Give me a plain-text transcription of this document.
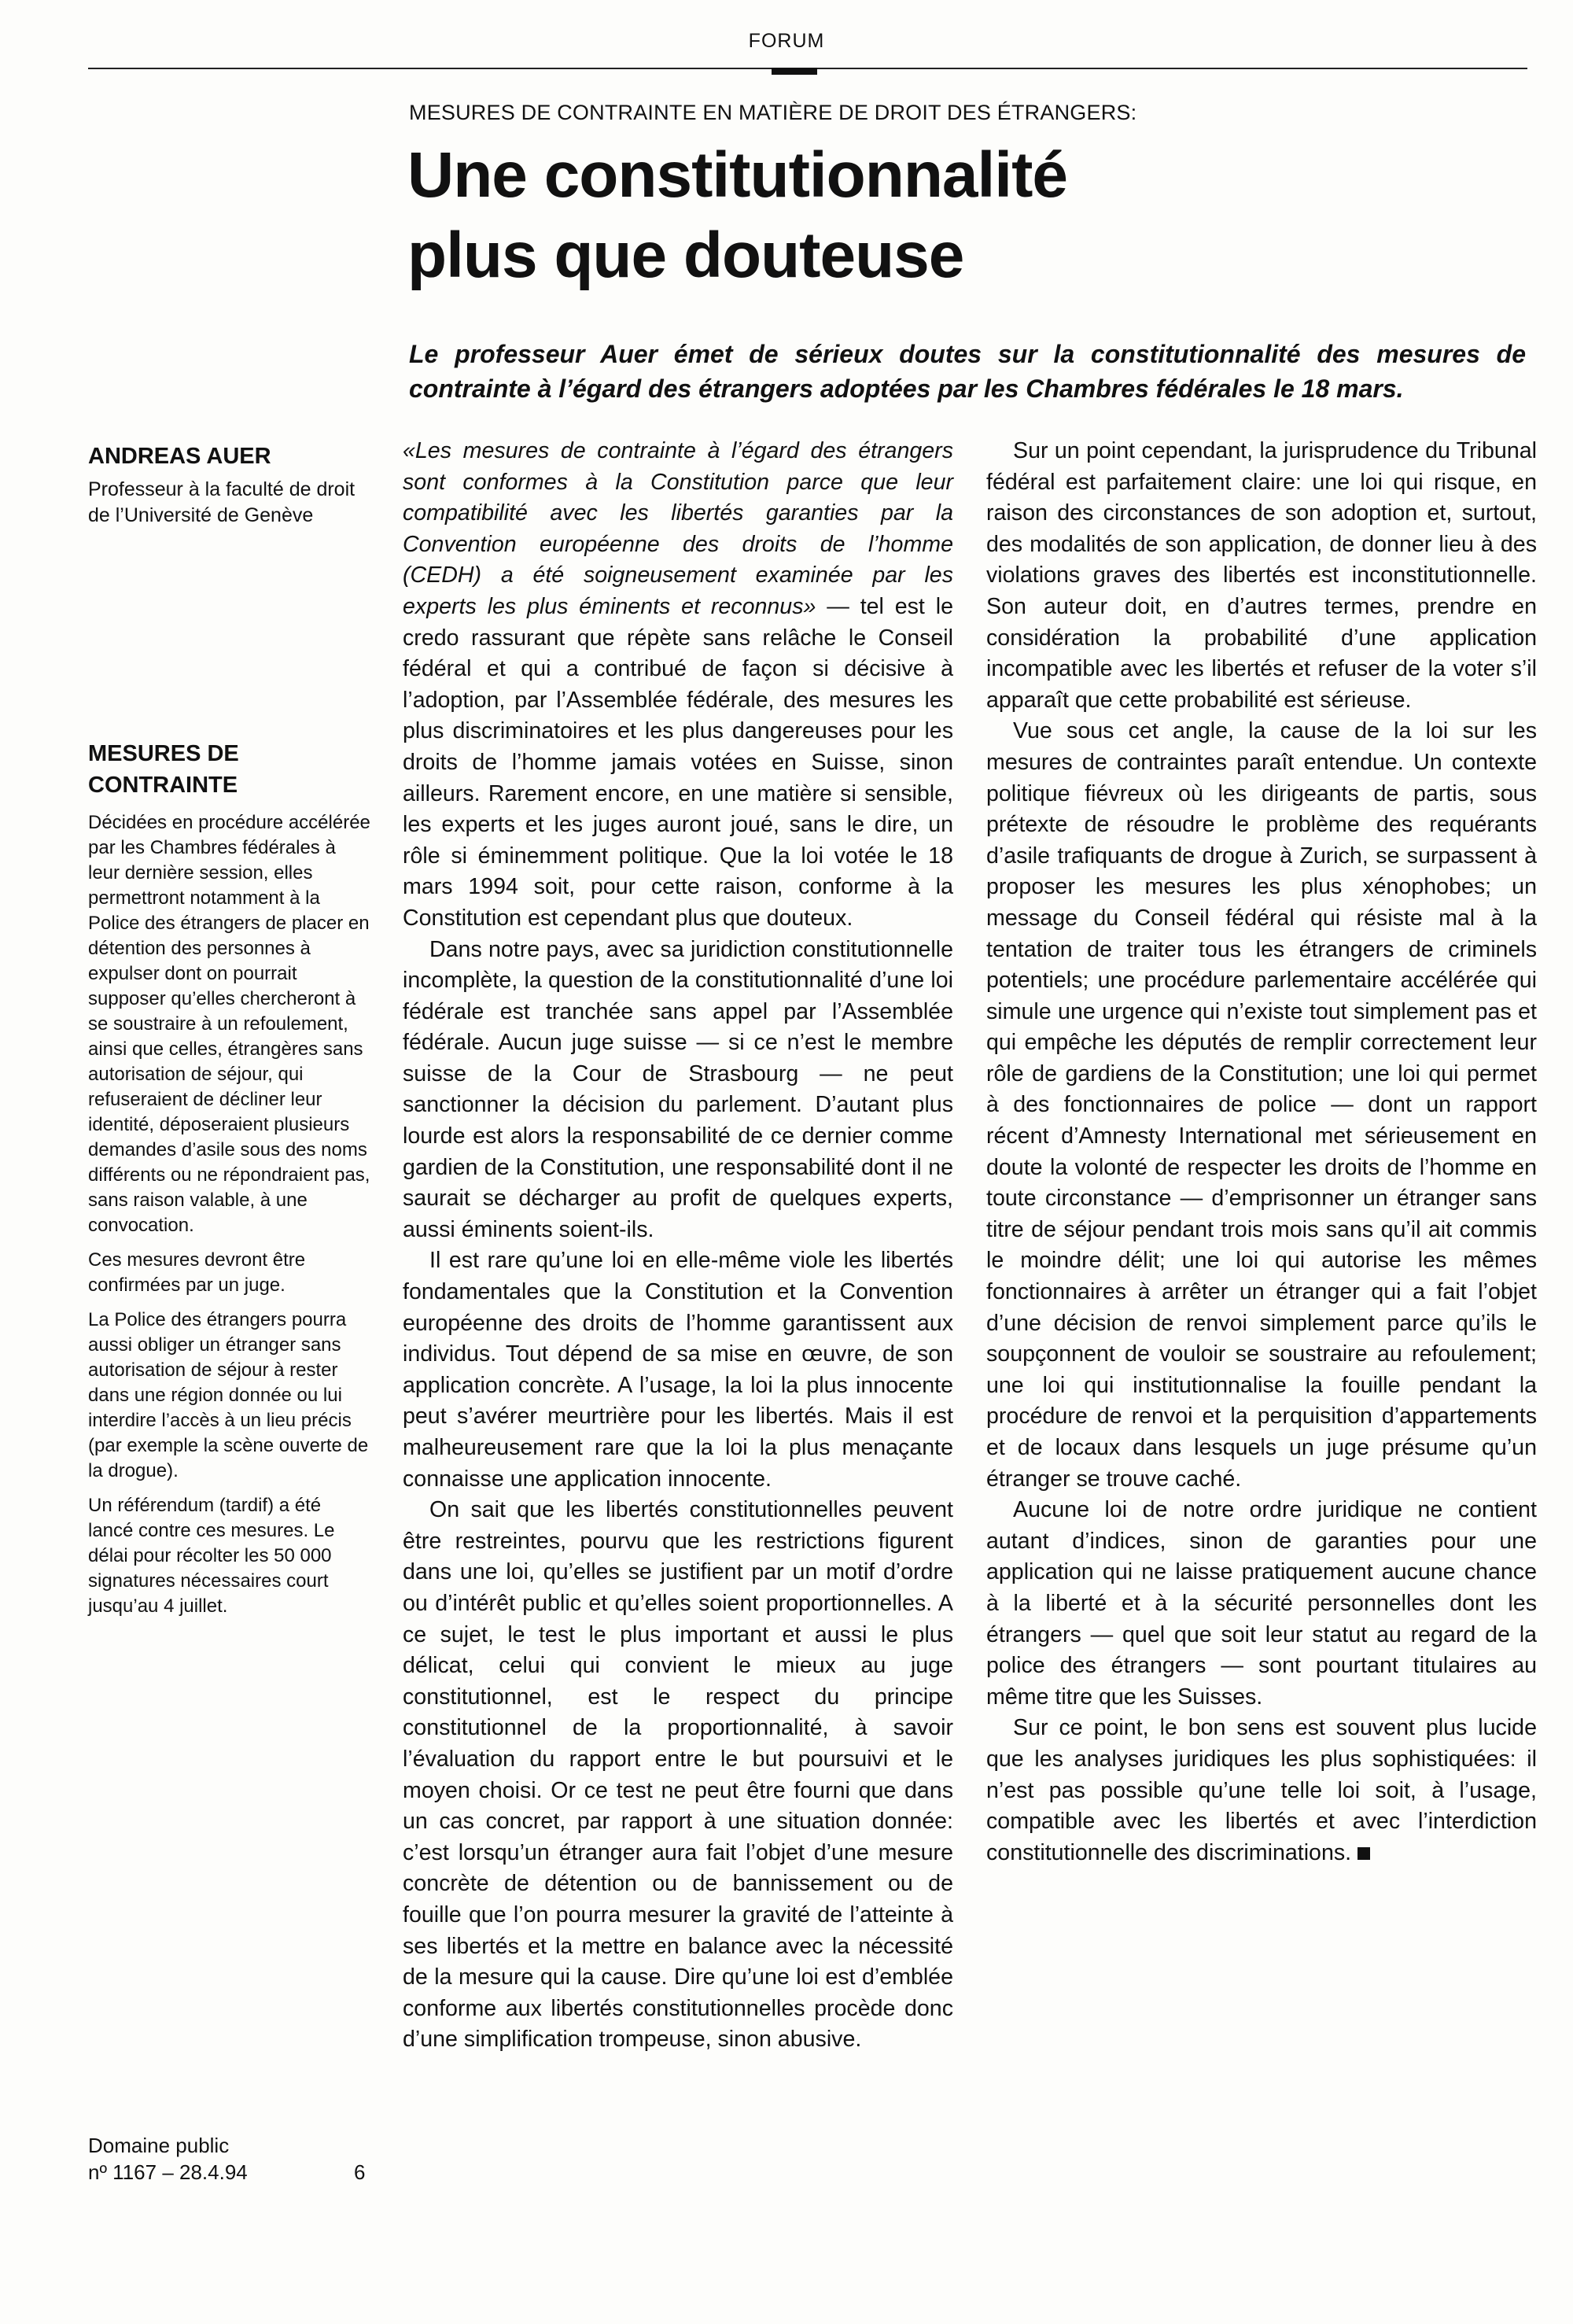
FORUM
MESURES DE CONTRAINTE EN MATIÈRE DE DROIT DES ÉTRANGERS:
Une constitutionnalité
plus que douteuse

Le professeur Auer émet de sérieux doutes sur la constitutionnalité des mesures de contrainte à l’égard des étrangers adoptées par les Chambres fédérales le 18 mars.

ANDREAS AUER

Professeur à la faculté de droit de l’Université de Genève

MESURES DE CONTRAINTE

Décidées en procédure accélérée par les Chambres fédérales à leur dernière session, elles permettront notamment à la Police des étrangers de placer en détention des personnes à expulser dont on pourrait supposer qu’elles chercheront à se soustraire à un refoulement, ainsi que celles, étrangères sans autorisation de séjour, qui refuseraient de décliner leur identité, déposeraient plusieurs demandes d’asile sous des noms différents ou ne répondraient pas, sans raison valable, à une convocation.

Ces mesures devront être confirmées par un juge.

La Police des étrangers pourra aussi obliger un étranger sans autorisation de séjour à rester dans une région donnée ou lui interdire l’accès à un lieu précis (par exemple la scène ouverte de la drogue).

Un référendum (tardif) a été lancé contre ces mesures. Le délai pour récolter les 50 000 signatures nécessaires court jusqu’au 4 juillet.

Domaine public
nº 1167 – 28.4.94	6

«Les mesures de contrainte à l’égard des étrangers sont conformes à la Constitution parce que leur compatibilité avec les libertés garanties par la Convention européenne des droits de l’homme (CEDH) a été soigneusement examinée par les experts les plus éminents et reconnus» — tel est le credo rassurant que répète sans relâche le Conseil fédéral et qui a contribué de façon si décisive à l’adoption, par l’Assemblée fédérale, des mesures les plus discriminatoires et les plus dangereuses pour les droits de l’homme jamais votées en Suisse, sinon ailleurs. Rarement encore, en une matière si sensible, les experts et les juges auront joué, sans le dire, un rôle si éminemment politique. Que la loi votée le 18 mars 1994 soit, pour cette raison, conforme à la Constitution est cependant plus que douteux.

Dans notre pays, avec sa juridiction constitutionnelle incomplète, la question de la constitutionnalité d’une loi fédérale est tranchée sans appel par l’Assemblée fédérale. Aucun juge suisse — si ce n’est le membre suisse de la Cour de Strasbourg — ne peut sanctionner la décision du parlement. D’autant plus lourde est alors la responsabilité de ce dernier comme gardien de la Constitution, une responsabilité dont il ne saurait se décharger au profit de quelques experts, aussi éminents soient-ils.

Il est rare qu’une loi en elle-même viole les libertés fondamentales que la Constitution et la Convention européenne des droits de l’homme garantissent aux individus. Tout dépend de sa mise en œuvre, de son application concrète. A l’usage, la loi la plus innocente peut s’avérer meurtrière pour les libertés. Mais il est malheureusement rare que la loi la plus menaçante connaisse une application innocente.

On sait que les libertés constitutionnelles peuvent être restreintes, pourvu que les restrictions figurent dans une loi, qu’elles se justifient par un motif d’ordre ou d’intérêt public et qu’elles soient proportionnelles. A ce sujet, le test le plus important et aussi le plus délicat, celui qui convient le mieux au juge constitutionnel, est le respect du principe constitutionnel de la proportionnalité, à savoir l’évaluation du rapport entre le but poursuivi et le moyen choisi. Or ce test ne peut être fourni que dans un cas concret, par rapport à une situation donnée: c’est lorsqu’un étranger aura fait l’objet d’une mesure concrète de détention ou de bannissement ou de fouille que l’on pourra mesurer la gravité de l’atteinte à ses libertés et la mettre en balance avec la nécessité de la mesure qui la cause. Dire qu’une loi est d’emblée conforme aux libertés constitutionnelles procède donc d’une simplification trompeuse, sinon abusive.

Sur un point cependant, la jurisprudence du Tribunal fédéral est parfaitement claire: une loi qui risque, en raison des circonstances de son adoption et, surtout, des modalités de son application, de donner lieu à des violations graves des libertés est inconstitutionnelle. Son auteur doit, en d’autres termes, prendre en considération la probabilité d’une application incompatible avec les libertés et refuser de la voter s’il apparaît que cette probabilité est sérieuse.

Vue sous cet angle, la cause de la loi sur les mesures de contraintes paraît entendue. Un contexte politique fiévreux où les dirigeants de partis, sous prétexte de résoudre le problème des requérants d’asile trafiquants de drogue à Zurich, se surpassent à proposer les mesures les plus xénophobes; un message du Conseil fédéral qui résiste mal à la tentation de traiter tous les étrangers de criminels potentiels; une procédure parlementaire accélérée qui simule une urgence qui n’existe tout simplement pas et qui empêche les députés de remplir correctement leur rôle de gardiens de la Constitution; une loi qui permet à des fonctionnaires de police — dont un rapport récent d’Amnesty International met sérieusement en doute la volonté de respecter les droits de l’homme en toute circonstance — d’emprisonner un étranger sans titre de séjour pendant trois mois sans qu’il ait commis le moindre délit; une loi qui autorise les mêmes fonctionnaires à arrêter un étranger qui a fait l’objet d’une décision de renvoi simplement parce qu’ils le soupçonnent de vouloir se soustraire au refoulement; une loi qui institutionnalise la fouille pendant la procédure de renvoi et la perquisition d’appartements et de locaux dans lesquels un juge présume qu’un étranger se trouve caché.

Aucune loi de notre ordre juridique ne contient autant d’indices, sinon de garanties pour une application qui ne laisse pratiquement aucune chance à la liberté et à la sécurité personnelles dont les étrangers — quel que soit leur statut au regard de la police des étrangers — sont pourtant titulaires au même titre que les Suisses.

Sur ce point, le bon sens est souvent plus lucide que les analyses juridiques les plus sophistiquées: il n’est pas possible qu’une telle loi soit, à l’usage, compatible avec les libertés et avec l’interdiction constitutionnelle des discriminations.
